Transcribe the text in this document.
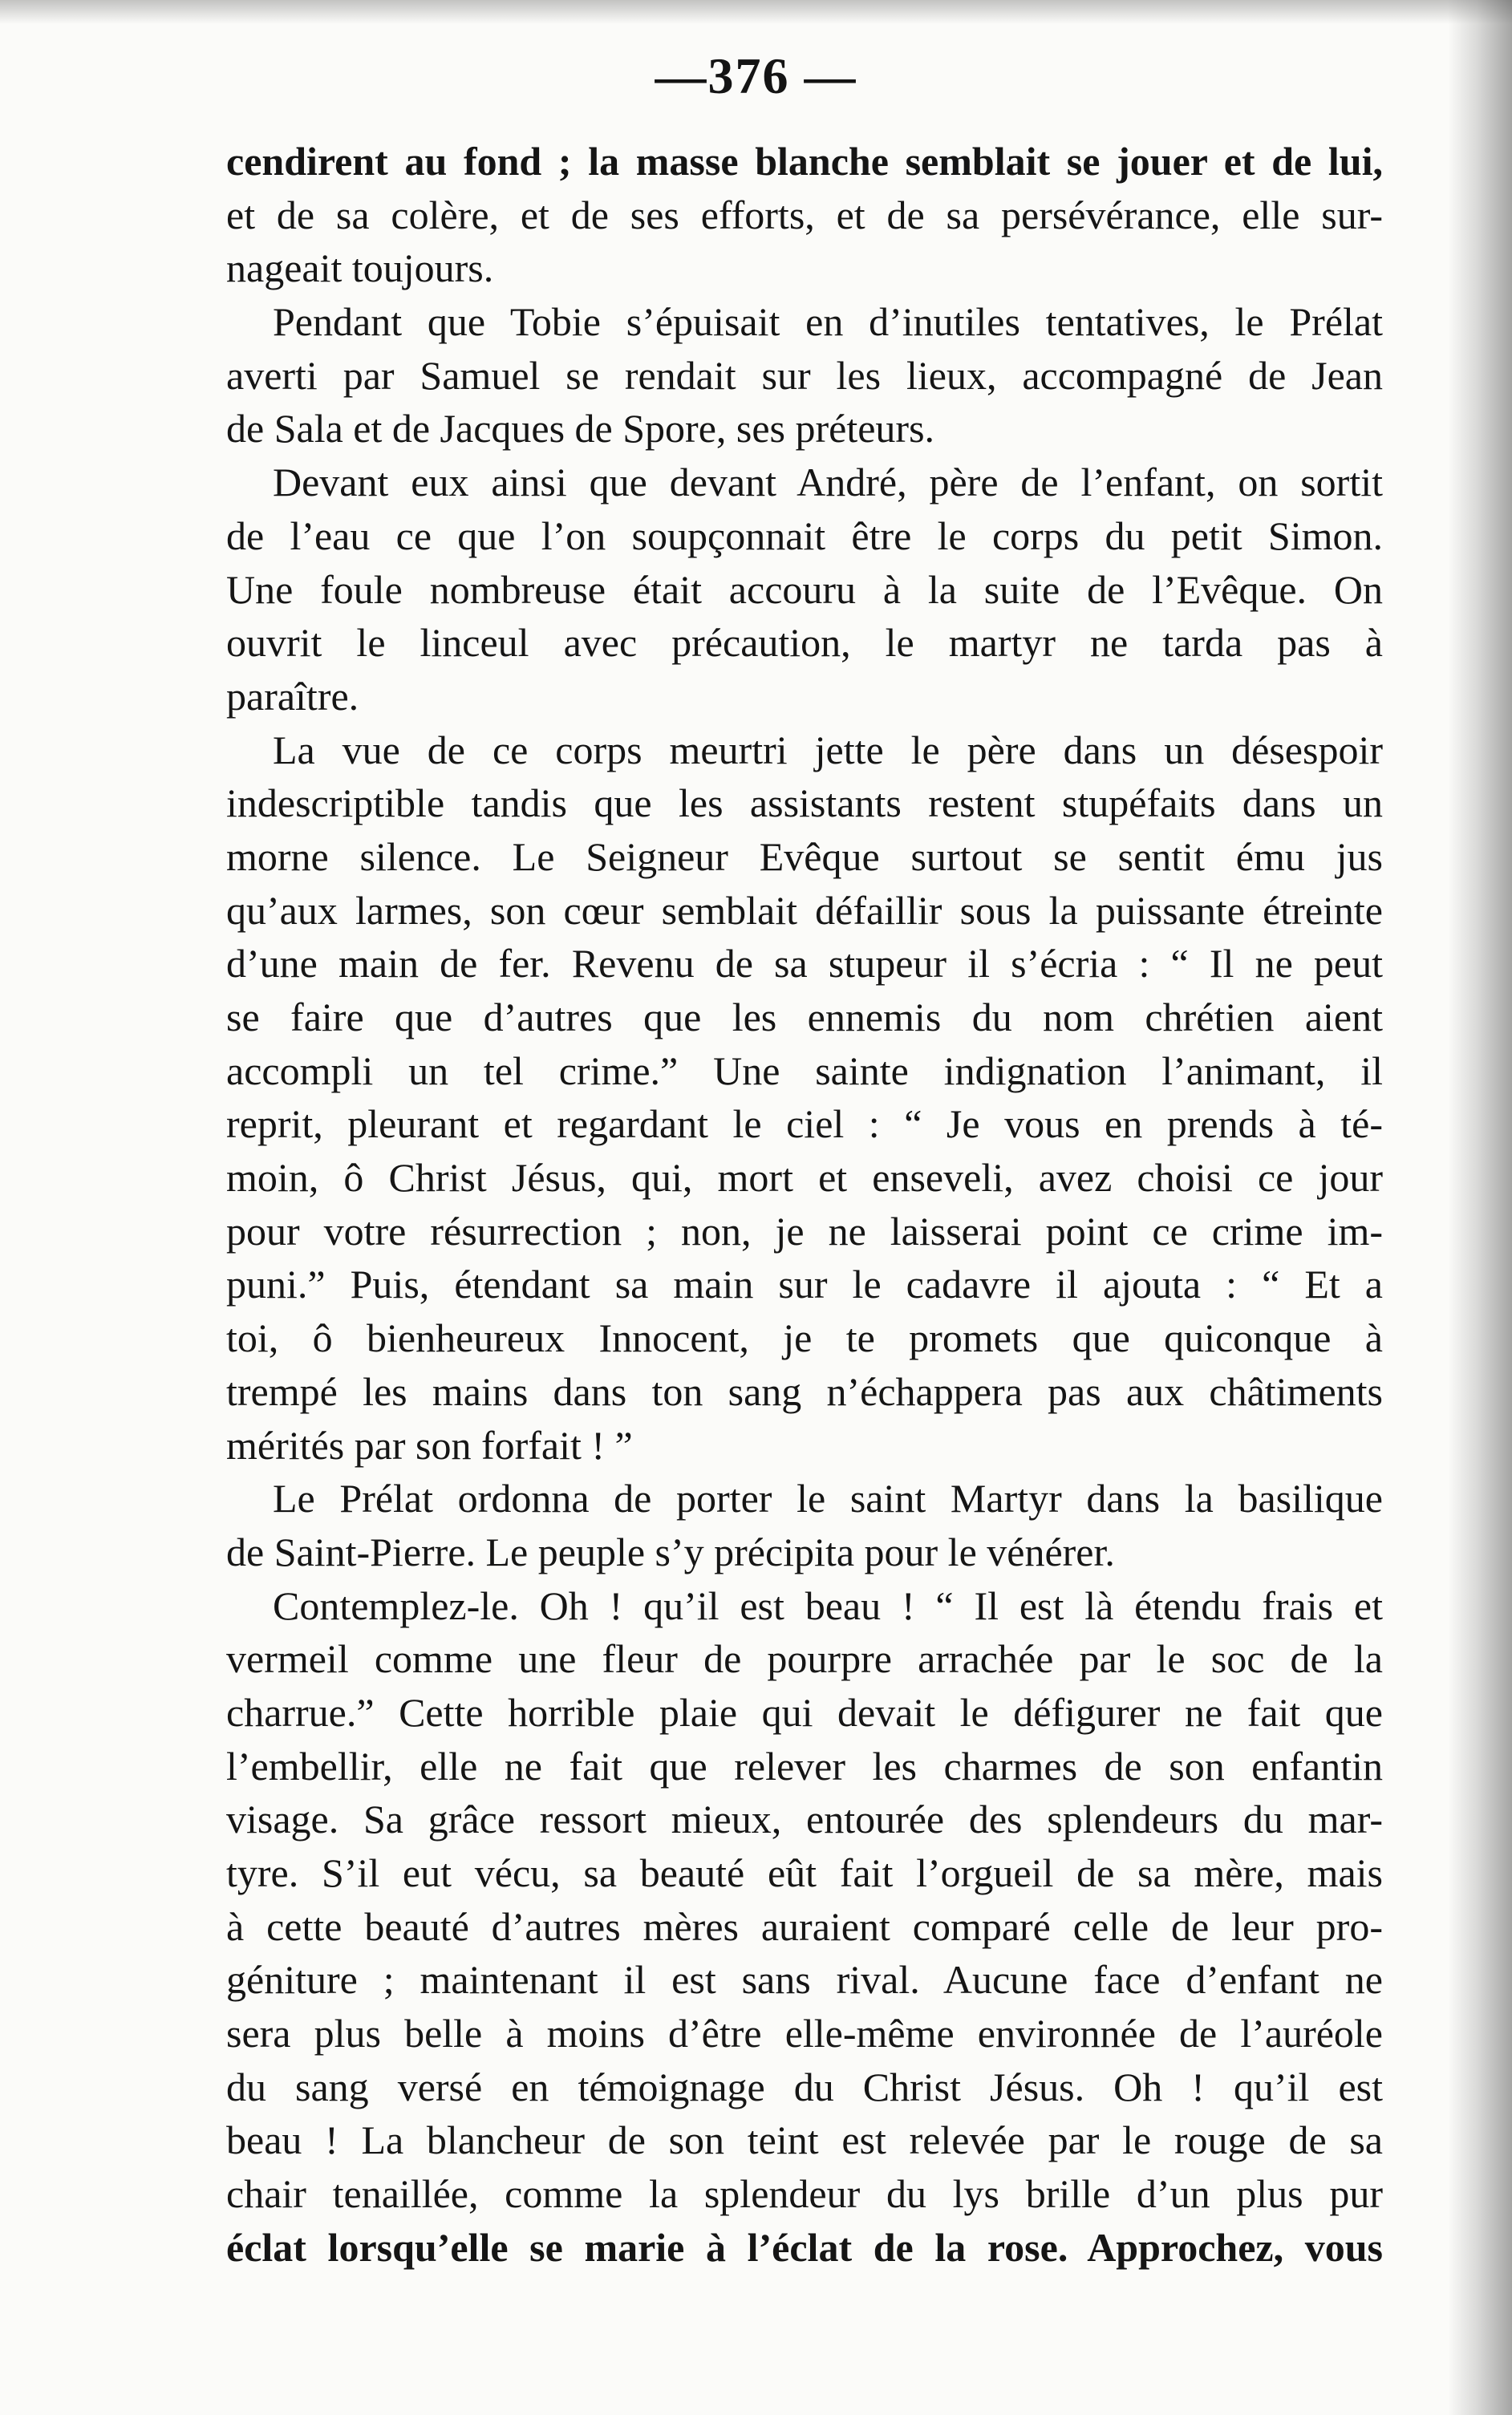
—376 —
cendirent au fond ; la masse blanche semblait se jouer et de lui,
et de sa colère, et de ses efforts, et de sa persévérance, elle sur-
nageait toujours.
Pendant que Tobie s’épuisait en d’inutiles tentatives, le Prélat
averti par Samuel se rendait sur les lieux, accompagné de Jean
de Sala et de Jacques de Spore, ses préteurs.
Devant eux ainsi que devant André, père de l’enfant, on sortit
de l’eau ce que l’on soupçonnait être le corps du petit Simon.
Une foule nombreuse était accouru à la suite de l’Evêque. On
ouvrit le linceul avec précaution, le martyr ne tarda pas à
paraître.
La vue de ce corps meurtri jette le père dans un désespoir
indescriptible tandis que les assistants restent stupéfaits dans un
morne silence. Le Seigneur Evêque surtout se sentit ému jus
qu’aux larmes, son cœur semblait défaillir sous la puissante étreinte
d’une main de fer. Revenu de sa stupeur il s’écria : “ Il ne peut
se faire que d’autres que les ennemis du nom chrétien aient
accompli un tel crime.” Une sainte indignation l’animant, il
reprit, pleurant et regardant le ciel : “ Je vous en prends à té-
moin, ô Christ Jésus, qui, mort et enseveli, avez choisi ce jour
pour votre résurrection ; non, je ne laisserai point ce crime im-
puni.” Puis, étendant sa main sur le cadavre il ajouta : “ Et a
toi, ô bienheureux Innocent, je te promets que quiconque à
trempé les mains dans ton sang n’échappera pas aux châtiments
mérités par son forfait ! ”
Le Prélat ordonna de porter le saint Martyr dans la basilique
de Saint-Pierre. Le peuple s’y précipita pour le vénérer.
Contemplez-le. Oh ! qu’il est beau ! “ Il est là étendu frais et
vermeil comme une fleur de pourpre arrachée par le soc de la
charrue.” Cette horrible plaie qui devait le défigurer ne fait que
l’embellir, elle ne fait que relever les charmes de son enfantin
visage. Sa grâce ressort mieux, entourée des splendeurs du mar-
tyre. S’il eut vécu, sa beauté eût fait l’orgueil de sa mère, mais
à cette beauté d’autres mères auraient comparé celle de leur pro-
géniture ; maintenant il est sans rival. Aucune face d’enfant ne
sera plus belle à moins d’être elle-même environnée de l’auréole
du sang versé en témoignage du Christ Jésus. Oh ! qu’il est
beau ! La blancheur de son teint est relevée par le rouge de sa
chair tenaillée, comme la splendeur du lys brille d’un plus pur
éclat lorsqu’elle se marie à l’éclat de la rose. Approchez, vous
